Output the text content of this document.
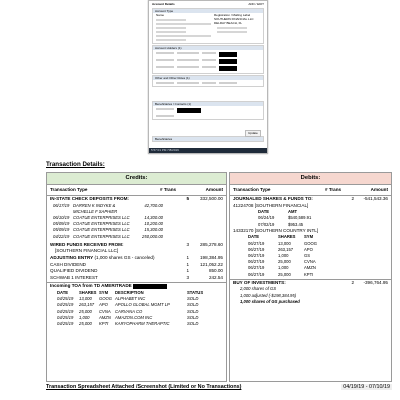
Account Details	ADD / EDIT
Account Type
Name	Registration / Mailing Label
SOUTHERN FINANCIAL LLC
DELRAY BEACH, FL
Account Holders (1)
Other and Other Roles (1)
Beneficiaries / Contacts (1)
Beneficiaries
Update
5:57:01 PM 7/8/2019
Transaction Details:
Credits:
Transaction Type	# Trans	Amount
IN-STATE CHECK DEPOSITS FROM:	5	332,500.00
06/17/19 DARREN K INDYKE & MICHELLE F SAPHIER
42,700.00
06/10/19 COATUE ENTERPRISES LLC	14,300.00
05/09/19 COATUE ENTERPRISES LLC	10,200.00
05/09/19 COATUE ENTERPRISES LLC	15,300.00
04/22/19 COATUE ENTERPRISES LLC	250,000.00
WIRED FUNDS RECEIVED FROM:	3	285,278.60
[SOUTHERN FINANCIAL LLC]
ADJUSTING ENTRY (1,000 shares GS - canceled)	1	198,384.95
CASH DIVIDEND	1	121,052.22
QUALIFIED DIVIDEND	1	850.00
SCHWAB 1 INTEREST	3	242.54
Incoming TOA from TD AMERITRADE
DATE	SHARES SYM	DESCRIPTION	STATUS
04/25/19	13,000	GOOG ALPHABET INC	SOLD
04/25/19	263,157	APO	APOLLO GLOBAL MGMT LP	SOLD
04/25/19	25,000	CVNA	CARVANA CO	SOLD
04/25/19	1,000	AMZN AMAZON.COM INC	SOLD
04/25/19	25,000	KPTI	KARYOPHARM THERAPTIC	SOLD
Debits:
Transaction Type	# Trans	Amount
JOURNALED SHARES & FUNDS TO:	2	-541,543.36
41224708 [SOUTHERN FINANCIAL]
DATE	AMT
06/24/19	$540,589.91
07/02/19	$953.45
14332170 [SOUTHERN COUNTRY INTL]
DATE	SHARES	SYM
06/27/19	13,000	GOOG
06/27/19	263,157	APO
06/27/19	1,000	GS
06/27/19	25,000	CVNA
06/27/19	1,000	AMZN
06/27/19	25,000	KPTI
BUY OF INVESTMENTS:	2	-396,764.95
2,000 shares of GS
1,000 adjusted (-$198,384.95)
1,000 shares of GS purchased
Transaction Spreadsheet Attached /Screenshot (Limited or No Transactions)	04/19/19 - 07/10/19
